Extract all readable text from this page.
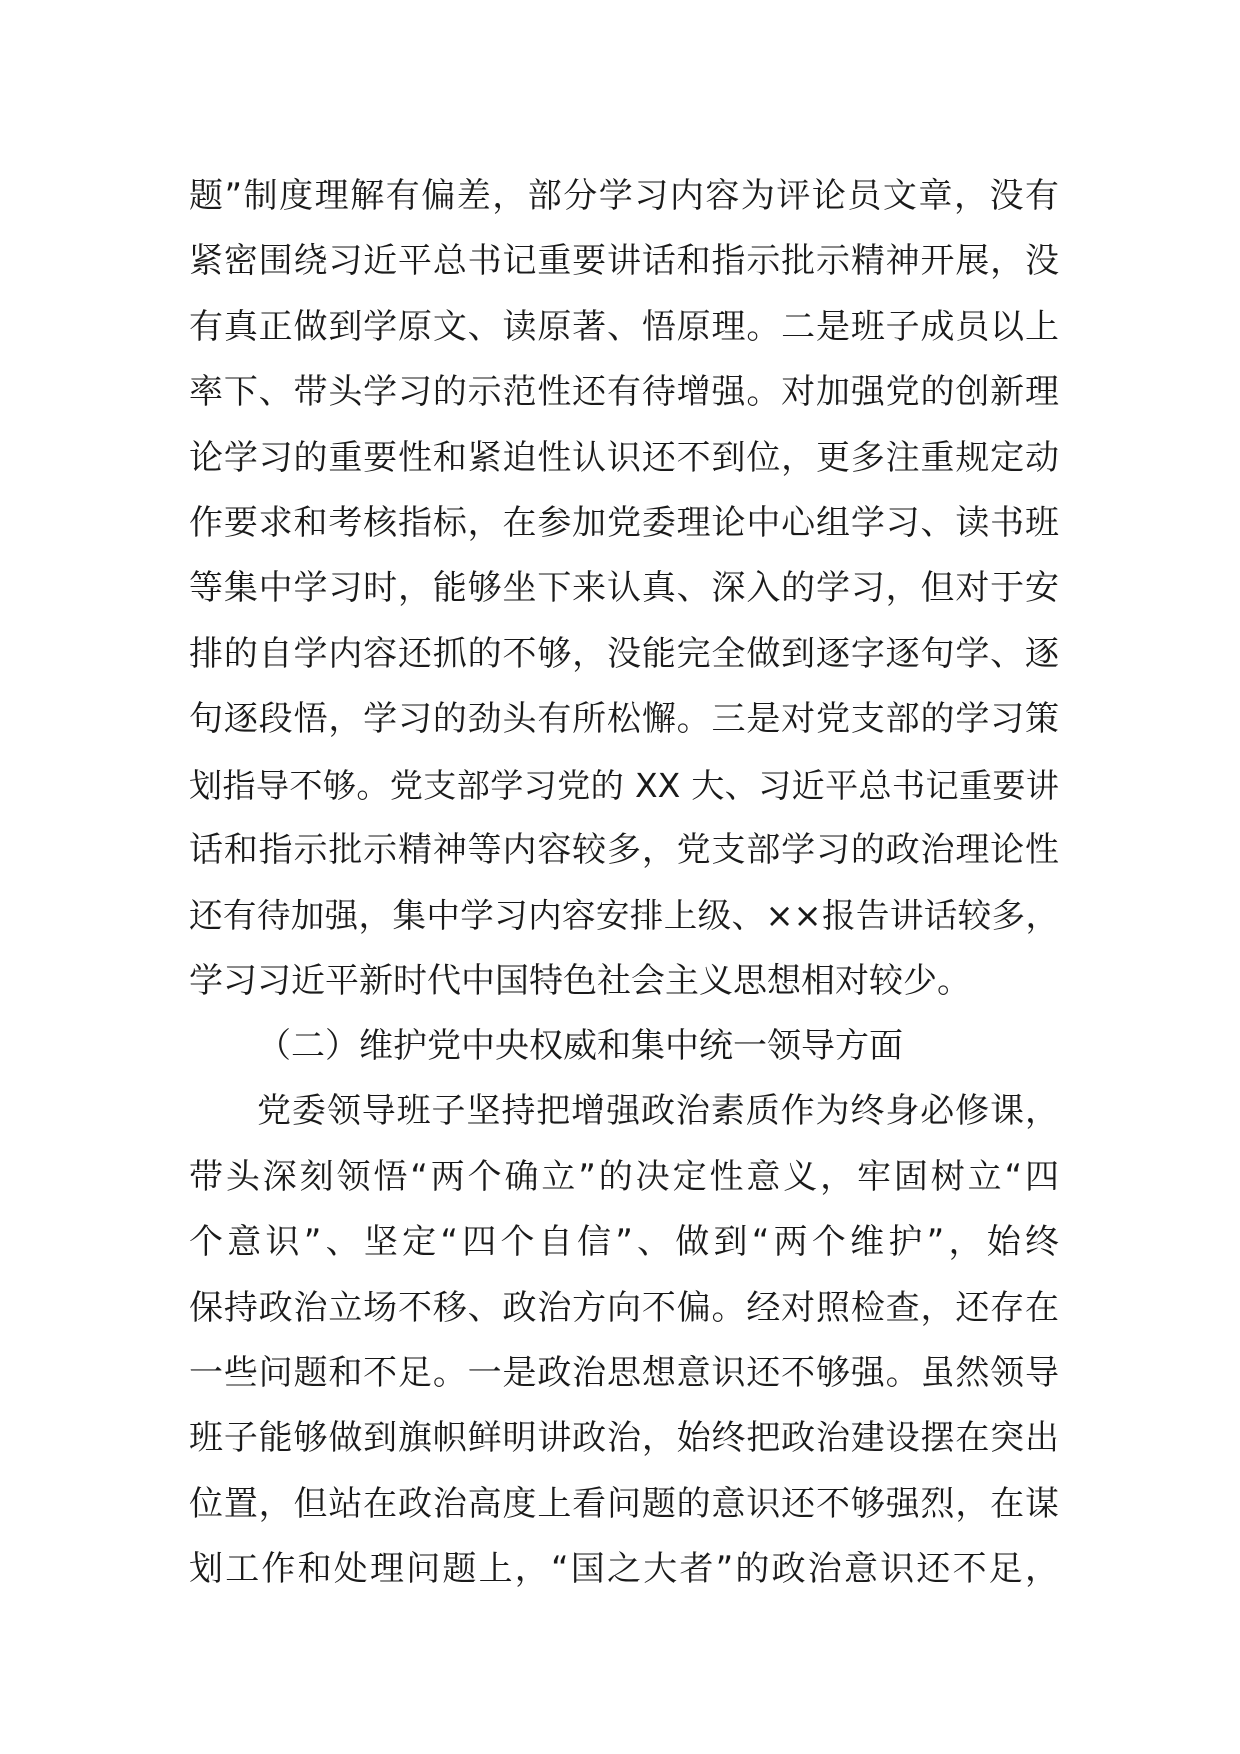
题”制度理解有偏差，部分学习内容为评论员文章，没有
紧密围绕习近平总书记重要讲话和指示批示精神开展，没
有真正做到学原文、读原著、悟原理。二是班子成员以上
率下、带头学习的示范性还有待增强。对加强党的创新理
论学习的重要性和紧迫性认识还不到位，更多注重规定动
作要求和考核指标，在参加党委理论中心组学习、读书班
等集中学习时，能够坐下来认真、深入的学习，但对于安
排的自学内容还抓的不够，没能完全做到逐字逐句学、逐
句逐段悟，学习的劲头有所松懈。三是对党支部的学习策
划指导不够。党支部学习党的 XX 大、习近平总书记重要讲
话和指示批示精神等内容较多，党支部学习的政治理论性
还有待加强，集中学习内容安排上级、××报告讲话较多，
学习习近平新时代中国特色社会主义思想相对较少。
（二）维护党中央权威和集中统一领导方面
党委领导班子坚持把增强政治素质作为终身必修课，
带头深刻领悟“两个确立”的决定性意义，牢固树立“四
个意识”、坚定“四个自信”、做到“两个维护”，始终
保持政治立场不移、政治方向不偏。经对照检查，还存在
一些问题和不足。一是政治思想意识还不够强。虽然领导
班子能够做到旗帜鲜明讲政治，始终把政治建设摆在突出
位置，但站在政治高度上看问题的意识还不够强烈，在谋
划工作和处理问题上，“国之大者”的政治意识还不足，
